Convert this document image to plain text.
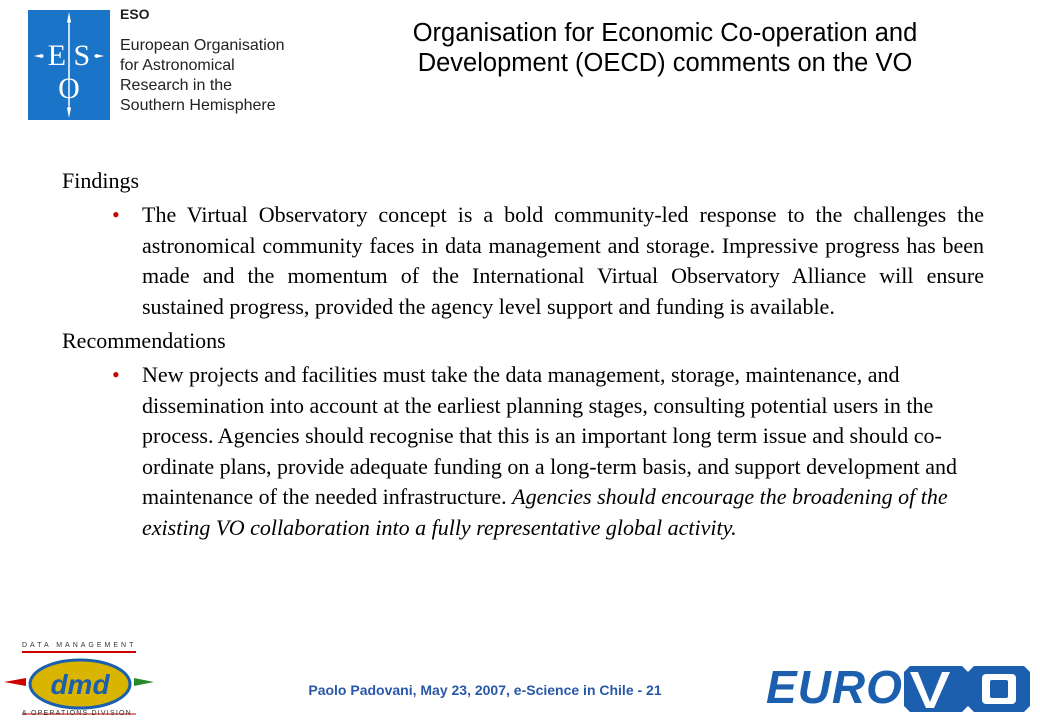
E S
O
ESO
European Organisation
for Astronomical
Research in the
Southern Hemisphere
Organisation for Economic Co-operation and
Development (OECD) comments on the VO

Findings

• The Virtual Observatory concept is a bold community-led response to the challenges the astronomical community faces in data management and storage. Impressive progress has been made and the momentum of the International Virtual Observatory Alliance will ensure sustained progress, provided the agency level support and funding is available.

Recommendations

• New projects and facilities must take the data management, storage, maintenance, and dissemination into account at the earliest planning stages, consulting potential users in the process. Agencies should recognise that this is an important long term issue and should co-ordinate plans, provide adequate funding on a long-term basis, and support development and maintenance of the needed infrastructure. Agencies should encourage the broadening of the existing VO collaboration into a fully representative global activity.
Paolo Padovani, May 23, 2007, e-Science in Chile - 21
DATA MANAGEMENT
dmd
& OPERATIONS DIVISION
EURO
